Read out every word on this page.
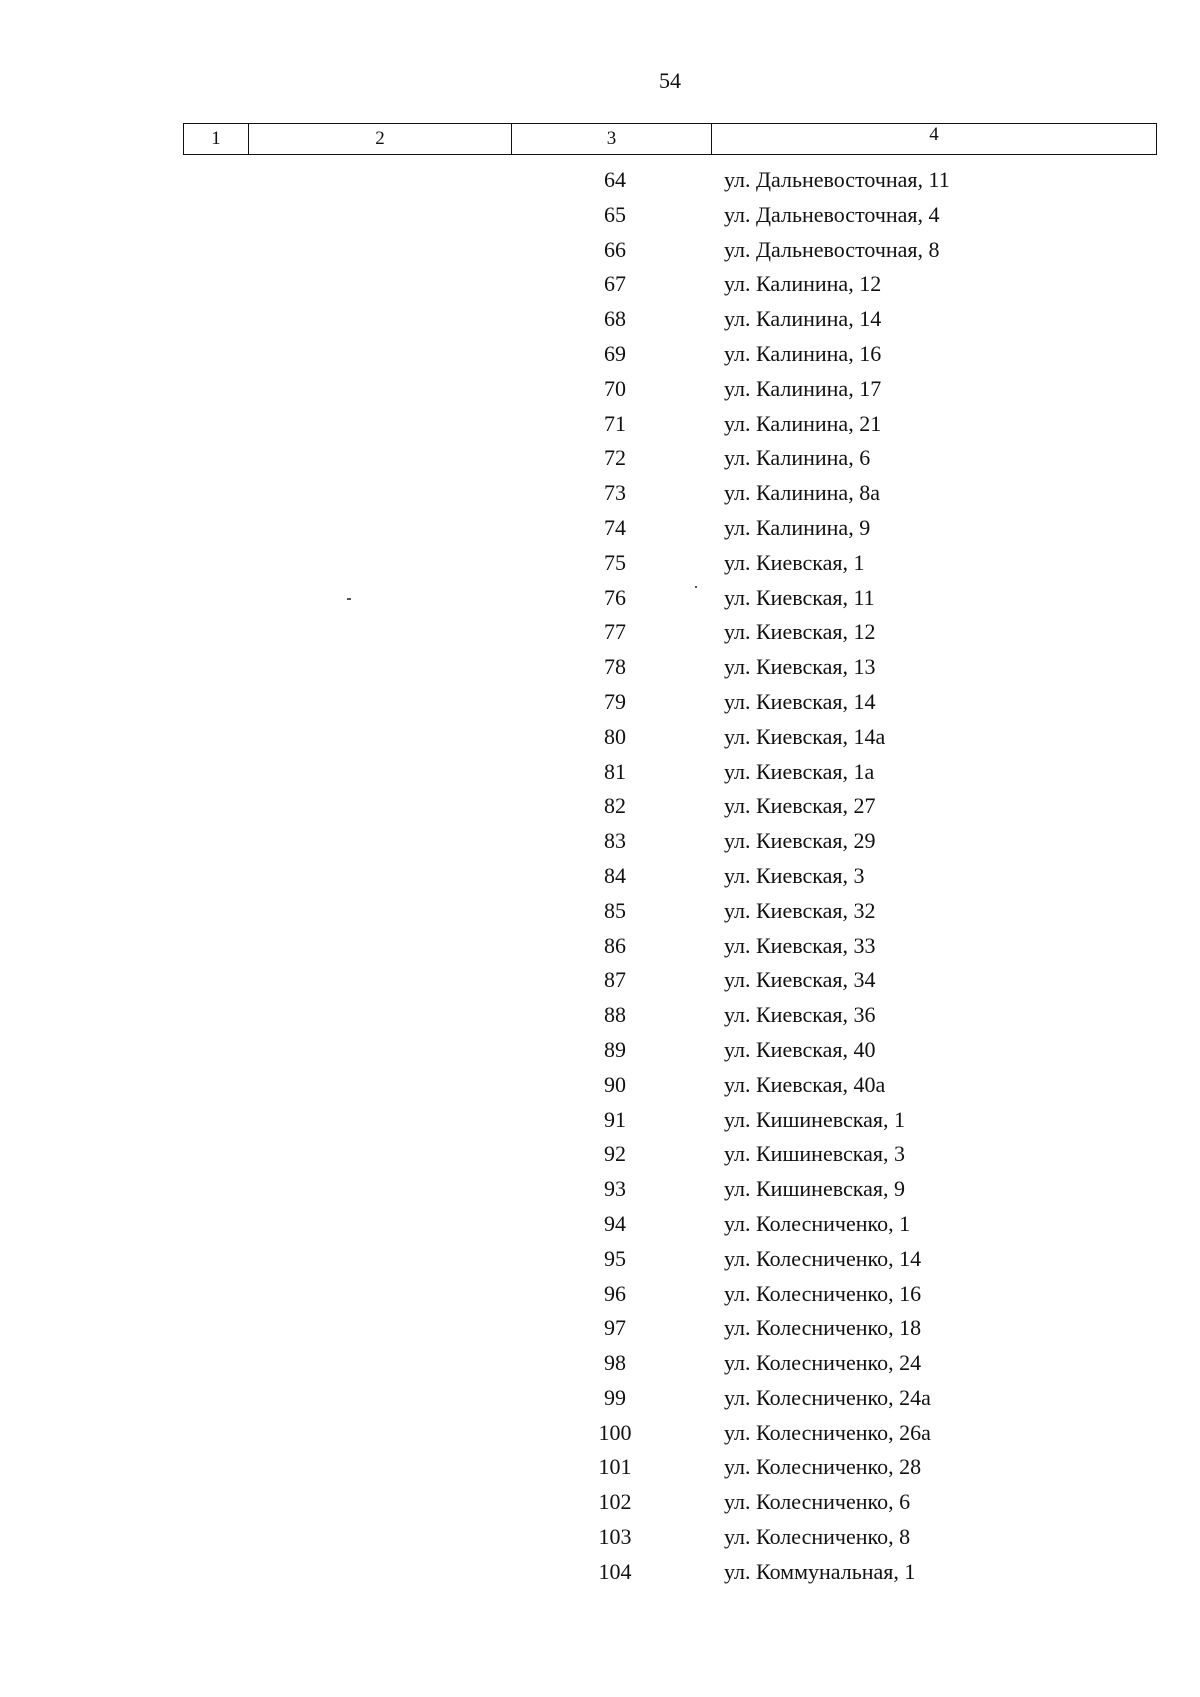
54
1	2	3	4
64	ул. Дальневосточная, 11
65	ул. Дальневосточная, 4
66	ул. Дальневосточная, 8
67	ул. Калинина, 12
68	ул. Калинина, 14
69	ул. Калинина, 16
70	ул. Калинина, 17
71	ул. Калинина, 21
72	ул. Калинина, 6
73	ул. Калинина, 8а
74	ул. Калинина, 9
75	ул. Киевская, 1
76	ул. Киевская, 11
77	ул. Киевская, 12
78	ул. Киевская, 13
79	ул. Киевская, 14
80	ул. Киевская, 14а
81	ул. Киевская, 1а
82	ул. Киевская, 27
83	ул. Киевская, 29
84	ул. Киевская, 3
85	ул. Киевская, 32
86	ул. Киевская, 33
87	ул. Киевская, 34
88	ул. Киевская, 36
89	ул. Киевская, 40
90	ул. Киевская, 40а
91	ул. Кишиневская, 1
92	ул. Кишиневская, 3
93	ул. Кишиневская, 9
94	ул. Колесниченко, 1
95	ул. Колесниченко, 14
96	ул. Колесниченко, 16
97	ул. Колесниченко, 18
98	ул. Колесниченко, 24
99	ул. Колесниченко, 24а
100	ул. Колесниченко, 26а
101	ул. Колесниченко, 28
102	ул. Колесниченко, 6
103	ул. Колесниченко, 8
104	ул. Коммунальная, 1
